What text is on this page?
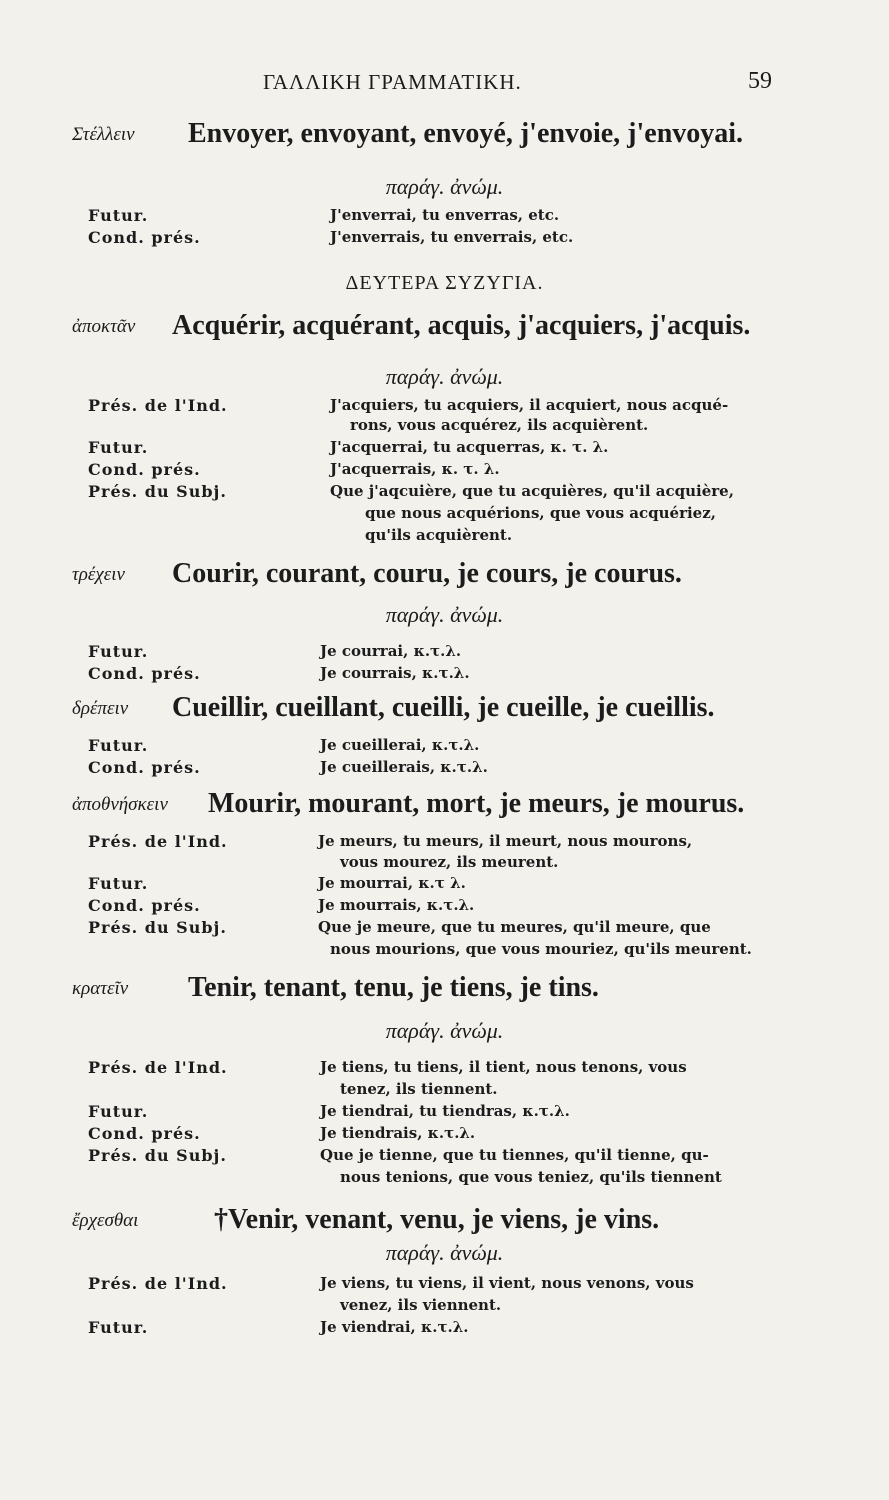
ΓΑΛΛΙΚΗ ΓΡΑΜΜΑΤΙΚΗ.	59
Στέλλειν Envoyer, envoyant, envoyé, j'envoie, j'envoyai.
παράγ. ἀνώμ.
Futur.	J'enverrai, tu enverras, etc.
Cond. prés.	J'enverrais, tu enverrais, etc.
ΔΕΥΤΕΡΑ ΣΥΖΥΓΙΑ.
ἀποκτᾶν Acquérir, acquérant, acquis, j'acquiers, j'acquis.
παράγ. ἀνώμ.
Prés. de l'Ind.	J'acquiers, tu acquiers, il acquiert, nous acqué-
rons, vous acquérez, ils acquièrent.
Futur.	J'acquerrai, tu acquerras, κ. τ. λ.
Cond. prés.	J'acquerrais, κ. τ. λ.
Prés. du Subj.	Que j'aqcuière, que tu acquières, qu'il acquière,
que nous acquérions, que vous acquériez,
qu'ils acquièrent.
τρέχειν Courir, courant, couru, je cours, je courus.
παράγ. ἀνώμ.
Futur.	Je courrai, κ.τ.λ.
Cond. prés.	Je courrais, κ.τ.λ.
δρέπειν Cueillir, cueillant, cueilli, je cueille, je cueillis.
Futur.	Je cueillerai, κ.τ.λ.
Cond. prés.	Je cueillerais, κ.τ.λ.
ἀποθνήσκειν Mourir, mourant, mort, je meurs, je mourus.
Prés. de l'Ind.	Je meurs, tu meurs, il meurt, nous mourons,
vous mourez, ils meurent.
Futur.	Je mourrai, κ.τ λ.
Cond. prés.	Je mourrais, κ.τ.λ.
Prés. du Subj.	Que je meure, que tu meures, qu'il meure, que
nous mourions, que vous mouriez, qu'ils meurent.
κρατεῖν Tenir, tenant, tenu, je tiens, je tins.
παράγ. ἀνώμ.
Prés. de l'Ind.	Je tiens, tu tiens, il tient, nous tenons, vous
tenez, ils tiennent.
Futur.	Je tiendrai, tu tiendras, κ.τ.λ.
Cond. prés.	Je tiendrais, κ.τ.λ.
Prés. du Subj.	Que je tienne, que tu tiennes, qu'il tienne, qu-
nous tenions, que vous teniez, qu'ils tiennent
ἔρχεσθαι	†Venir, venant, venu, je viens, je vins.
παράγ. ἀνώμ.
Prés. de l'Ind.	Je viens, tu viens, il vient, nous venons, vous
venez, ils viennent.
Futur.	Je viendrai, κ.τ.λ.
